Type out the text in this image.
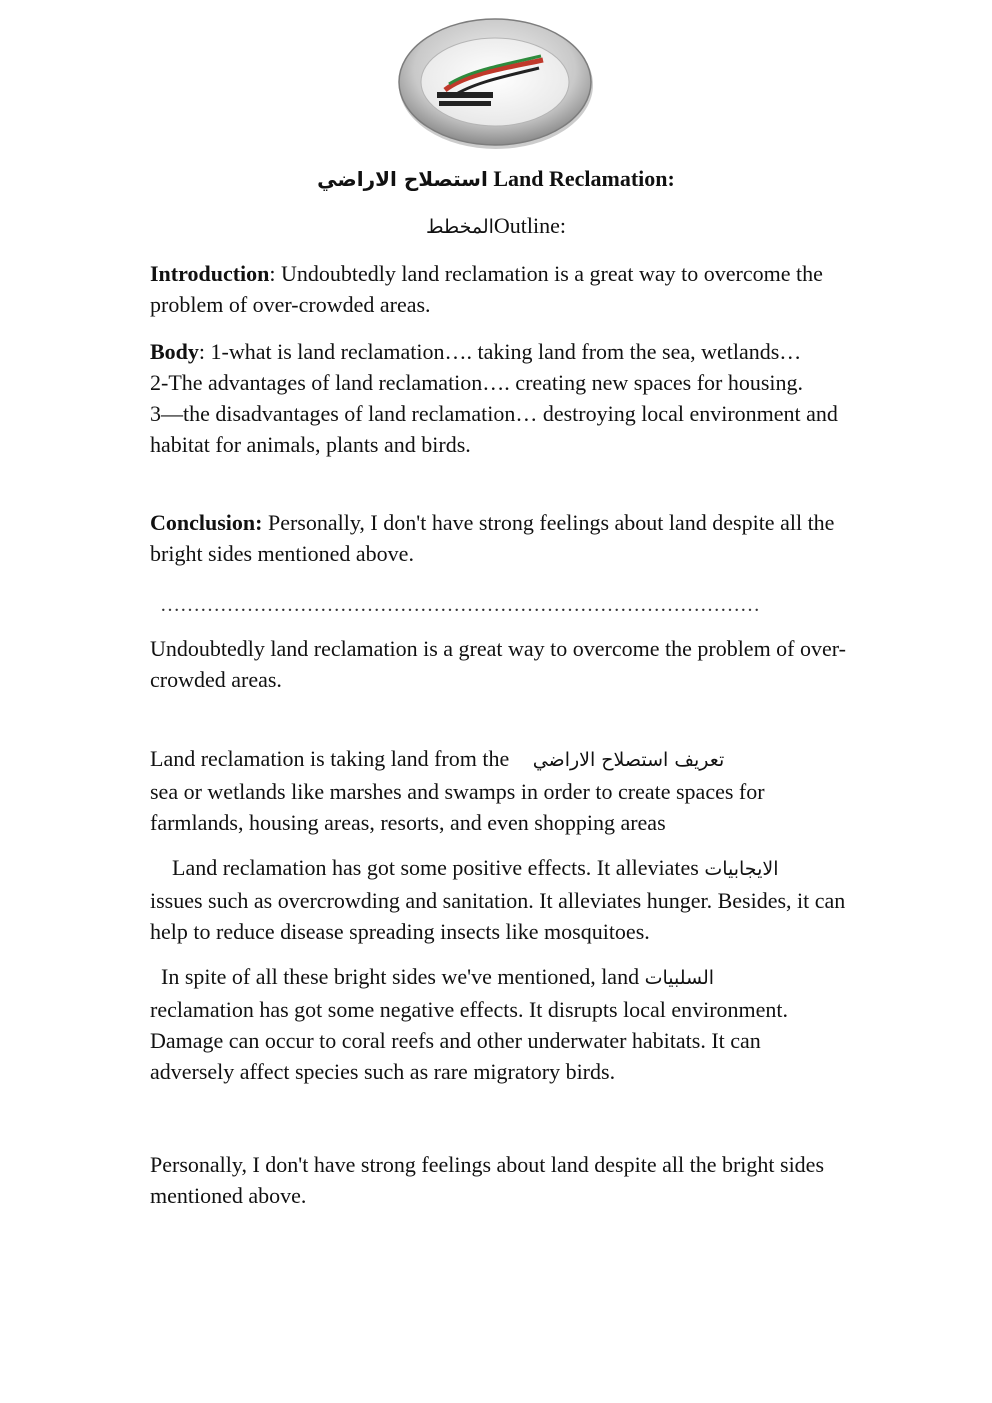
استصلاح الاراضي Land Reclamation:
المخططOutline:
Introduction: Undoubtedly land reclamation is a great way to overcome the problem of over-crowded areas.
Body: 1-what is land reclamation…. taking land from the sea, wetlands…
2-The advantages of land reclamation…. creating new spaces for housing.
3—the disadvantages of land reclamation… destroying local environment and habitat for animals, plants and birds.
Conclusion: Personally, I don't have strong feelings about land despite all the bright sides mentioned above.
………………………………………………………………………………
Undoubtedly land reclamation is a great way to overcome the problem of over-crowded areas.
Land reclamation is taking land from the تعريف استصلاح الاراضي
sea or wetlands like marshes and swamps in order to create spaces for farmlands, housing areas, resorts, and even shopping areas
Land reclamation has got some positive effects. It alleviates الايجابيات
issues such as overcrowding and sanitation. It alleviates hunger. Besides, it can help to reduce disease spreading insects like mosquitoes.
In spite of all these bright sides we've mentioned, land السلبيات
reclamation has got some negative effects. It disrupts local environment. Damage can occur to coral reefs and other underwater habitats. It can adversely affect species such as rare migratory birds.
Personally, I don't have strong feelings about land despite all the bright sides mentioned above.
